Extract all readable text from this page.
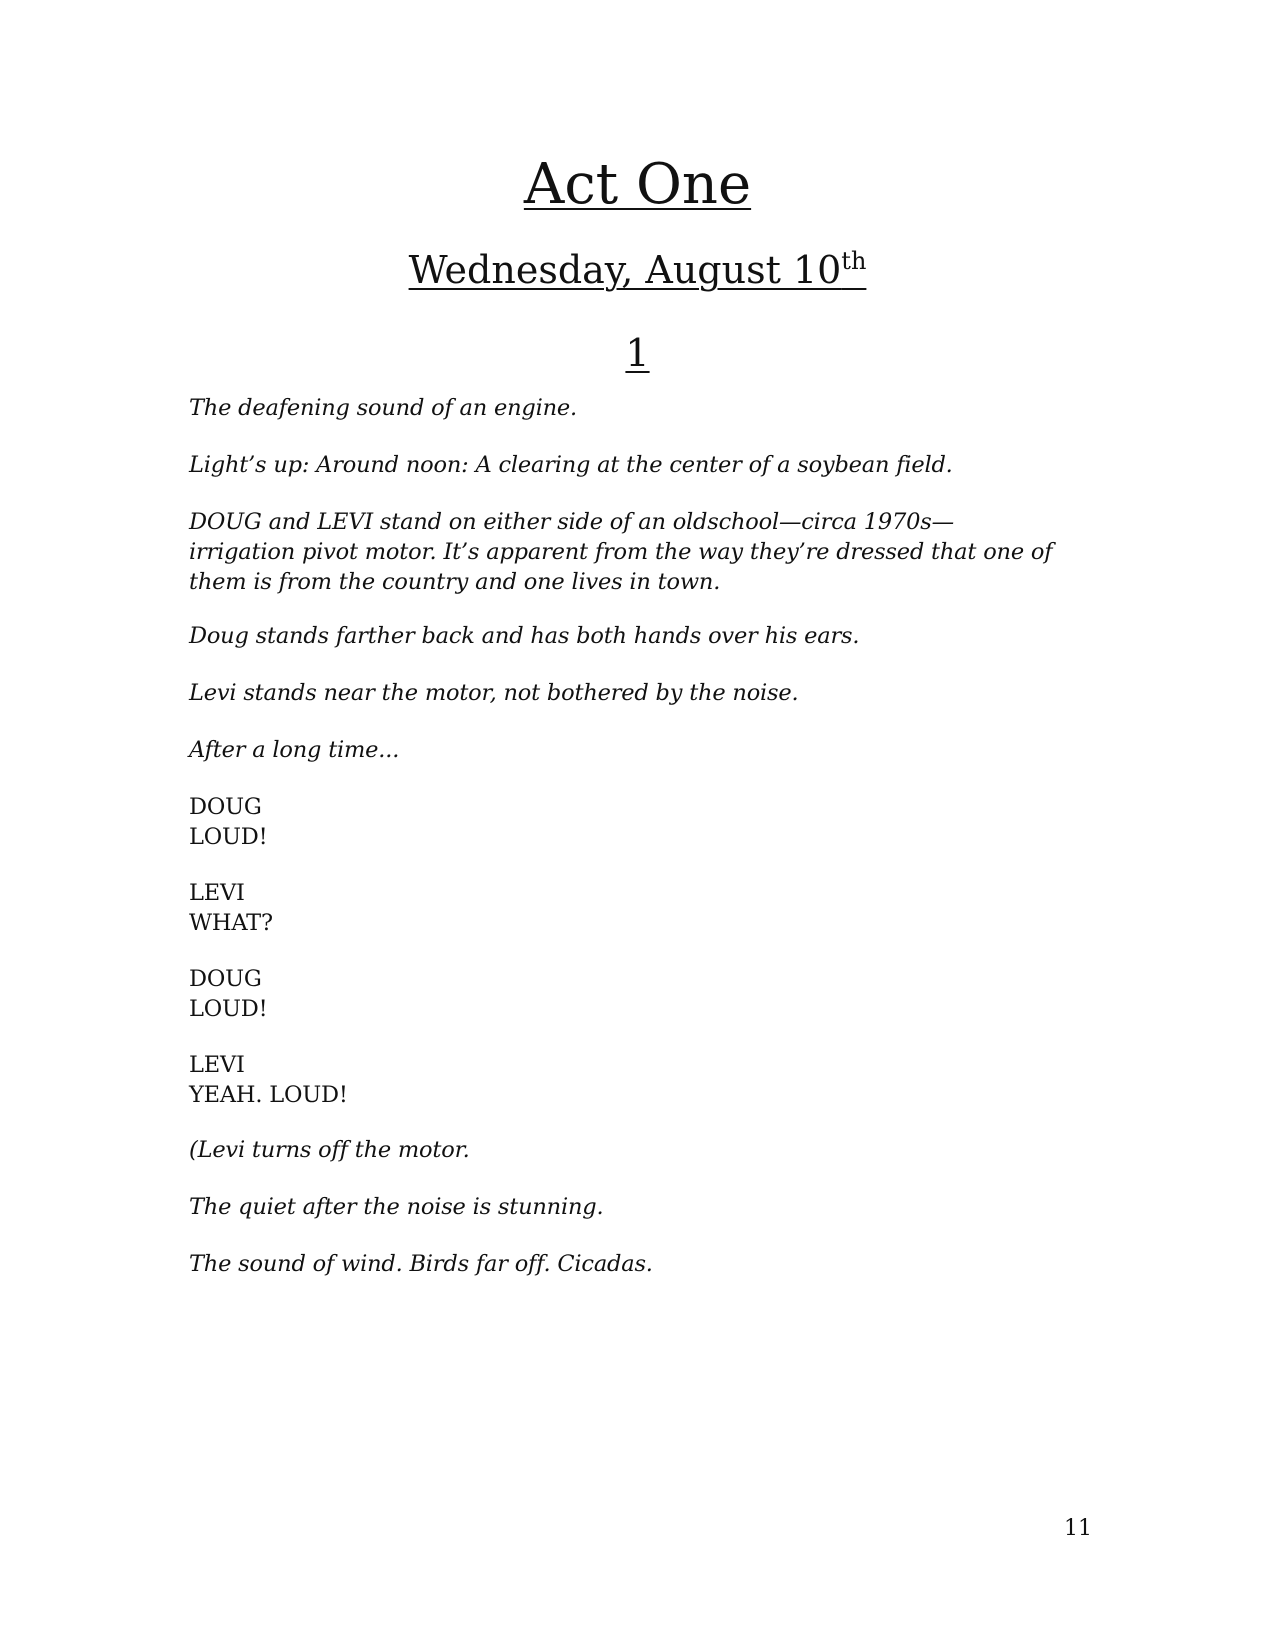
Act One
Wednesday, August 10th
1
The deafening sound of an engine.
Light’s up: Around noon: A clearing at the center of a soybean field.
DOUG and LEVI stand on either side of an oldschool—circa 1970s—
irrigation pivot motor. It’s apparent from the way they’re dressed that one of
them is from the country and one lives in town.
Doug stands farther back and has both hands over his ears.
Levi stands near the motor, not bothered by the noise.
After a long time...
DOUG
LOUD!
LEVI
WHAT?
DOUG
LOUD!
LEVI
YEAH. LOUD!
(Levi turns off the motor.
The quiet after the noise is stunning.
The sound of wind. Birds far off. Cicadas.
11
